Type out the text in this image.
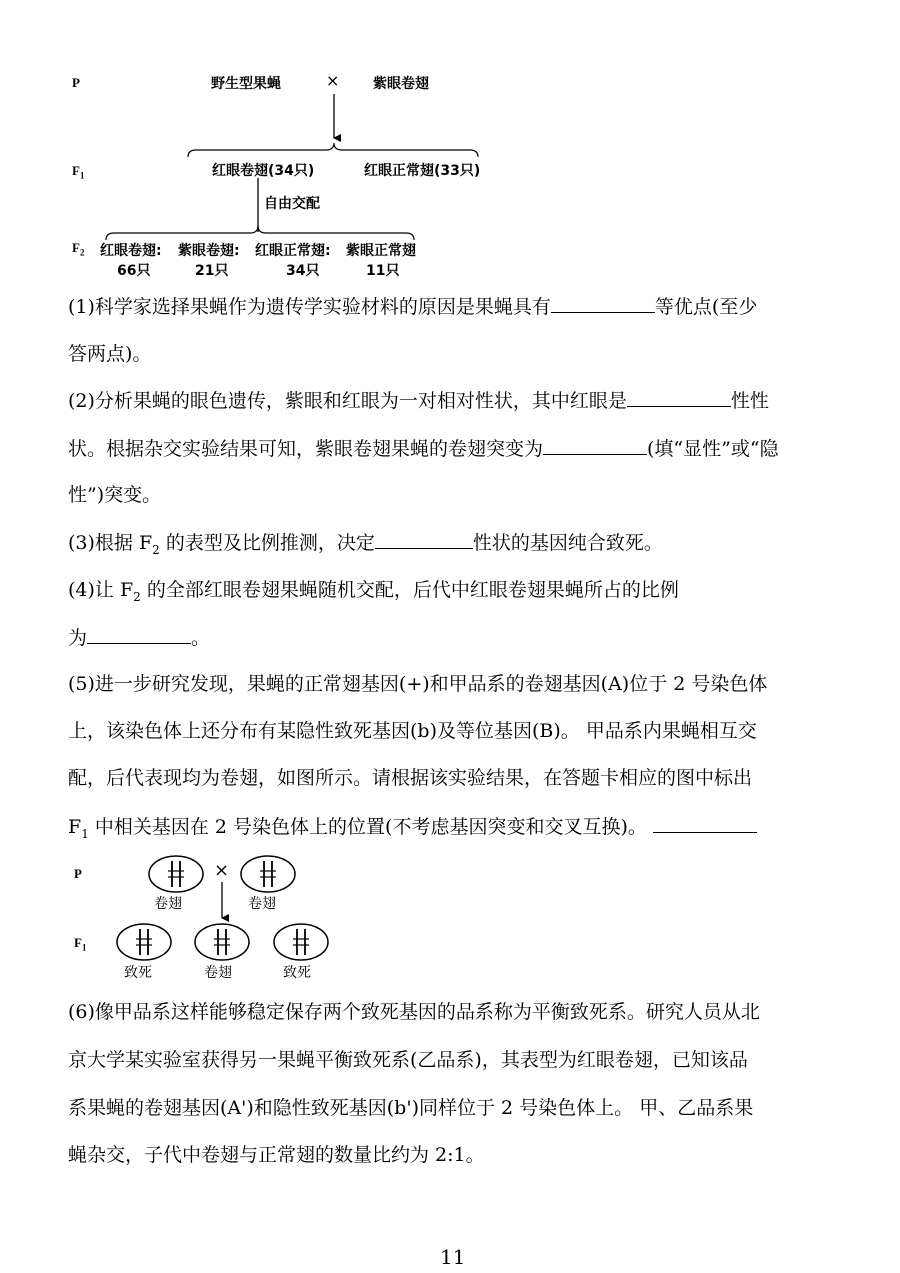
P
$F_1$
$F_2$
野生型果蝇	× 紫眼卷翅
红眼卷翅(34只)	红眼正常翅(33只)
自由交配
红眼卷翅: 紫眼卷翅: 红眼正常翅: 紫眼正常翅
66只	21只	34只	11只
(1)科学家选择果蝇作为遗传学实验材料的原因是果蝇具有	等优点(至少
答两点)。
(2)分析果蝇的眼色遗传，紫眼和红眼为一对相对性状，其中红眼是	性性
状。根据杂交实验结果可知，紫眼卷翅果蝇的卷翅突变为	(填“显性”或“隐
性”)突变。
(3)根据 $F_2$ 的表型及比例推测，决定	性状的基因纯合致死。
(4)让 $F_2$ 的全部红眼卷翅果蝇随机交配，后代中红眼卷翅果蝇所占的比例
为	。
(5)进一步研究发现，果蝇的正常翅基因(+)和甲品系的卷翅基因(A)位于 2 号染色体
上，该染色体上还分布有某隐性致死基因(b)及等位基因(B)。 甲品系内果蝇相互交
配，后代表现均为卷翅，如图所示。请根据该实验结果，在答题卡相应的图中标出
$F_1$ 中相关基因在 2 号染色体上的位置(不考虑基因突变和交叉互换)。
P
$F_1$
×
卷翅	卷翅
致死	卷翅	致死
(6)像甲品系这样能够稳定保存两个致死基因的品系称为平衡致死系。研究人员从北
京大学某实验室获得另一果蝇平衡致死系(乙品系)，其表型为红眼卷翅，已知该品
系果蝇的卷翅基因(A')和隐性致死基因(b')同样位于 2 号染色体上。 甲、乙品系果
蝇杂交，子代中卷翅与正常翅的数量比约为 2:1。
11
